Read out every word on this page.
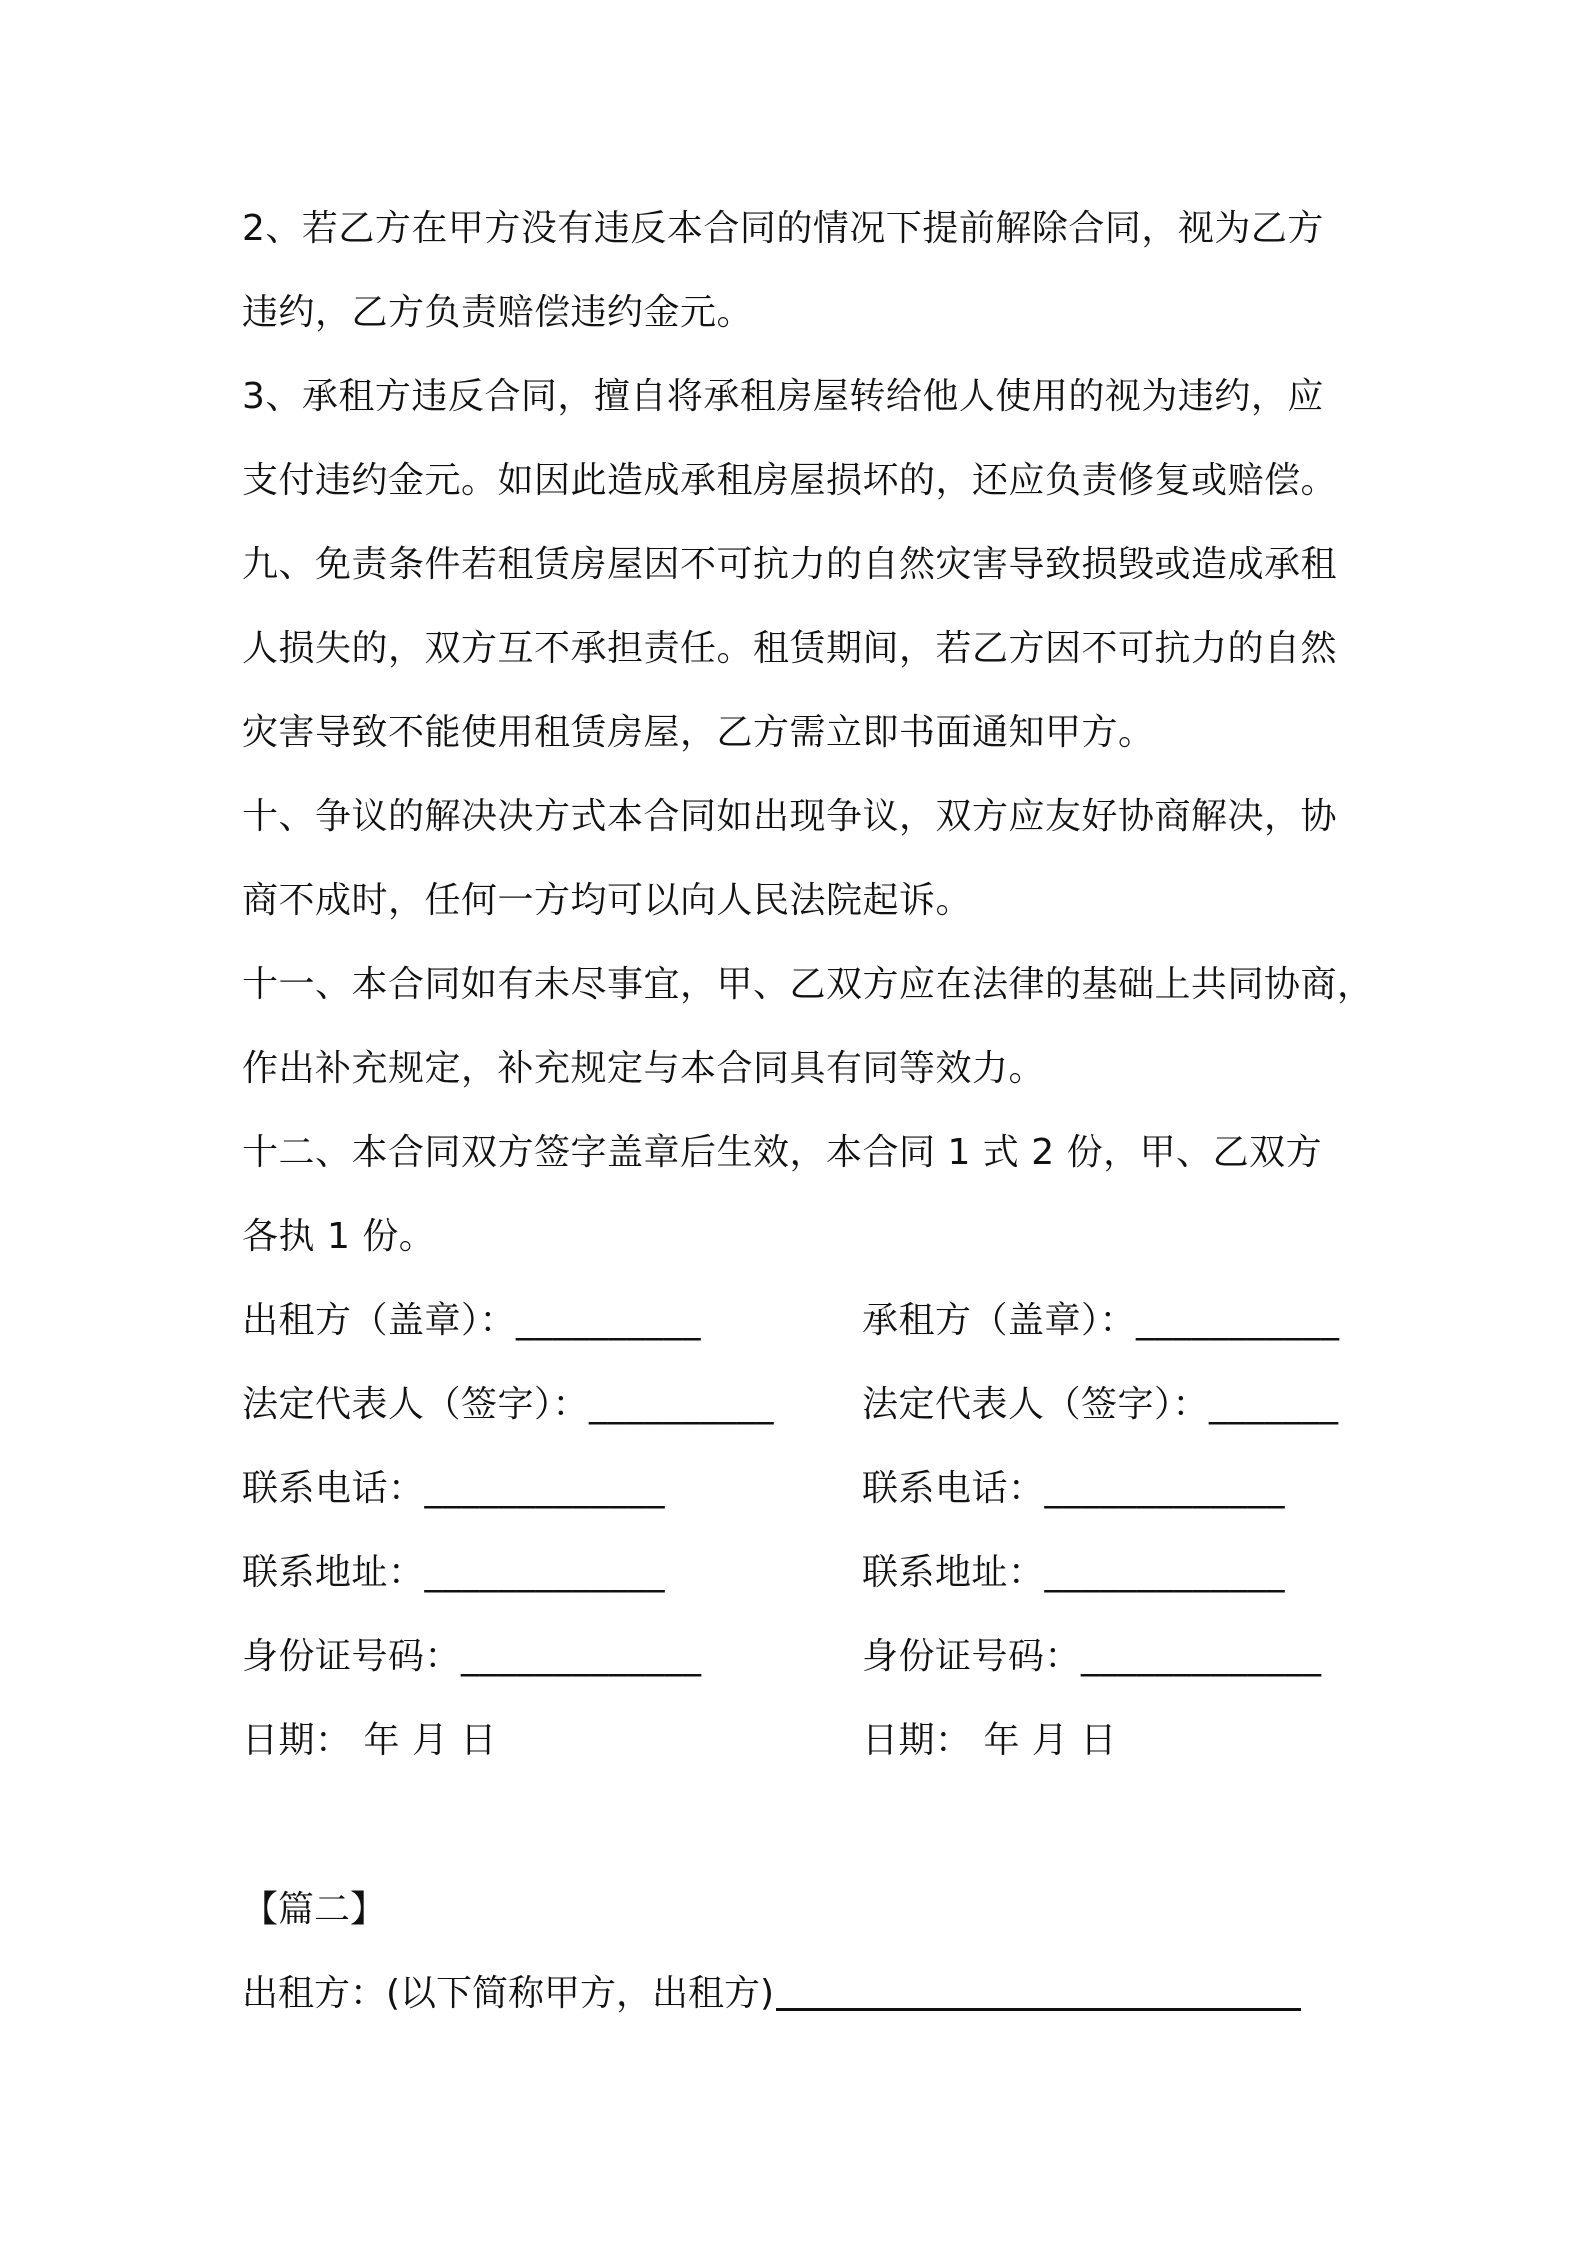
2、若乙方在甲方没有违反本合同的情况下提前解除合同，视为乙方

违约，乙方负责赔偿违约金元。

3、承租方违反合同，擅自将承租房屋转给他人使用的视为违约，应

支付违约金元。如因此造成承租房屋损坏的，还应负责修复或赔偿。

九、免责条件若租赁房屋因不可抗力的自然灾害导致损毁或造成承租

人损失的，双方互不承担责任。租赁期间，若乙方因不可抗力的自然

灾害导致不能使用租赁房屋，乙方需立即书面通知甲方。

十、争议的解决决方式本合同如出现争议，双方应友好协商解决，协

商不成时，任何一方均可以向人民法院起诉。

十一、本合同如有未尽事宜，甲、乙双方应在法律的基础上共同协商，

作出补充规定，补充规定与本合同具有同等效力。

十二、本合同双方签字盖章后生效，本合同 1 式 2 份，甲、乙双方

各执 1 份。

出租方（盖章）：__________	承租方（盖章）：___________
法定代表人（签字）：__________ 法定代表人（签字）：_______
联系电话：_____________	联系电话：_____________
联系地址：_____________	联系地址：_____________
身份证号码：_____________	身份证号码：_____________
日期： 年 月 日	日期： 年 月 日
【篇二】
出租方：(以下简称甲方，出租方)
